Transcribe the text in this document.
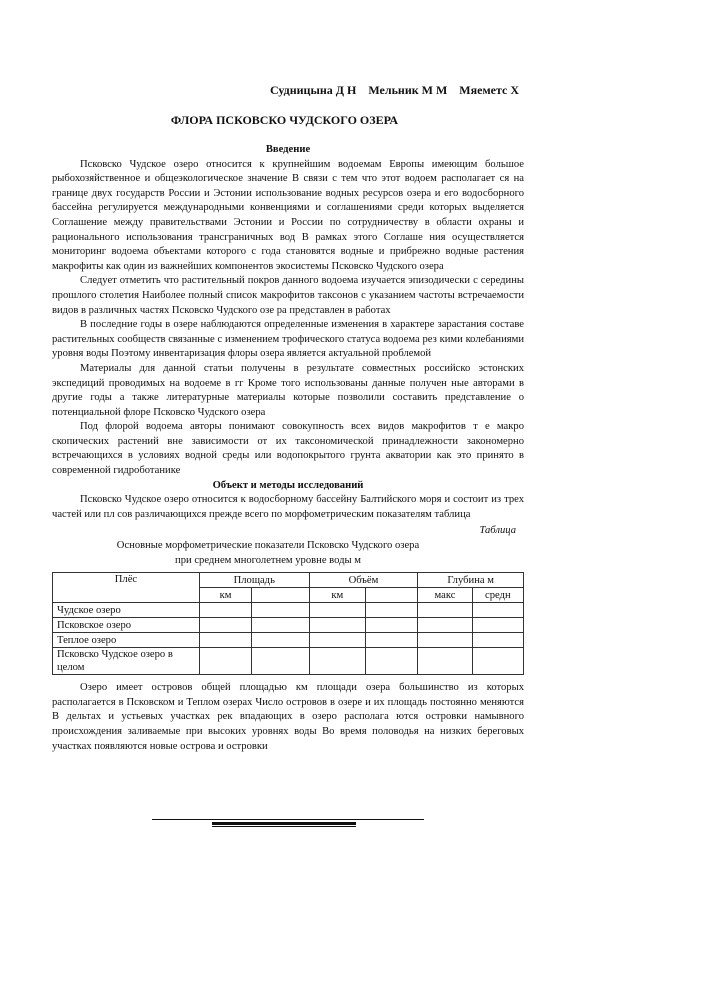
Судницына Д Н    Мельник М М    Мяеметс Х
ФЛОРА ПСКОВСКО ЧУДСКОГО ОЗЕРА
Введение

Псковско Чудское озеро относится к крупнейшим водоемам Европы имеющим большое рыбохозяйственное и общеэкологическое значение В связи с тем что этот водоем располагает ся на границе двух государств России и Эстонии использование водных ресурсов озера и его водосборного бассейна регулируется международными конвенциями и соглашениями среди которых выделяется Соглашение между правительствами Эстонии и России по сотрудничеству в области охраны и рационального использования трансграничных вод В рамках этого Соглаше ния осуществляется мониторинг водоема объектами которого с года становятся водные и прибрежно водные растения макрофиты как один из важнейших компонентов экосистемы Псковско Чудского озера

Следует отметить что растительный покров данного водоема изучается эпизодически с середины прошлого столетия Наиболее полный список макрофитов таксонов с указанием частоты встречаемости видов в различных частях Псковско Чудского озе ра представлен в работах

В последние годы в озере наблюдаются определенные изменения в характере зарастания составе растительных сообществ связанные с изменением трофического статуса водоема рез кими колебаниями уровня воды Поэтому инвентаризация флоры озера является актуальной проблемой

Материалы для данной статьи получены в результате совместных российско эстонских экспедиций проводимых на водоеме в гг Кроме того использованы данные получен ные авторами в другие годы а также литературные материалы которые позволили составить представление о потенциальной флоре Псковско Чудского озера

Под флорой водоема авторы понимают совокупность всех видов макрофитов т е макро скопических растений вне зависимости от их таксономической принадлежности закономерно встречающихся в условиях водной среды или водопокрытого грунта акватории как это принято в современной гидроботанике

Объект и методы исследований

Псковско Чудское озеро относится к водосборному бассейну Балтийского моря и состоит из трех частей или пл сов различающихся прежде всего по морфометрическим показателям таблица

Таблица
Основные морфометрические показатели Псковско Чудского озера
при среднем многолетнем уровне воды м
Плёс	Площадь		Объём		Глубина м	
	км		км		макс	средн
Чудское озеро						
Псковское озеро						
Теплое озеро						
Псковско Чудское озеро в целом						

Озеро имеет островов общей площадью км площади озера большинство из которых располагается в Псковском и Теплом озерах Число островов в озере и их площадь постоянно меняются В дельтах и устьевых участках рек впадающих в озеро располага ются островки намывного происхождения заливаемые при высоких уровнях воды Во время половодья на низких береговых участках появляются новые острова и островки
